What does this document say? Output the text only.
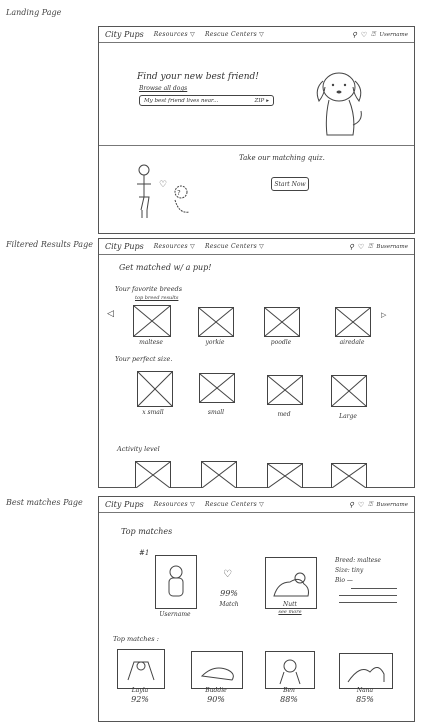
Landing Page
Filtered Results Page
Best matches Page
City Pups Resources ▽ Rescue Centers ▽	⚲ ♡ ⍰ Username
Find your new best friend!
Browse all dogs
My best friend lives near...	ZIP ▸
Take our matching quiz.
Start Now
♡
?
City Pups Resources ▽ Rescue Centers ▽	⚲ ♡ ⍰ Busername
Get matched w/ a pup!
Your favorite breeds
top breed results
◁	▷
maltese	yorkie	poodle	airedale
Your perfect size.
x small	small	med	Large
Activity level
City Pups Resources ▽ Rescue Centers ▽	⚲ ♡ ⍰ Busername
Top matches
#1
Username
♡
99%
Match	Nutt
see more
Breed: maltese
Size: tiny
Bio —
Top matches :
Layla
92%
Buddie
90%
Ben
88%
Nana
85%
